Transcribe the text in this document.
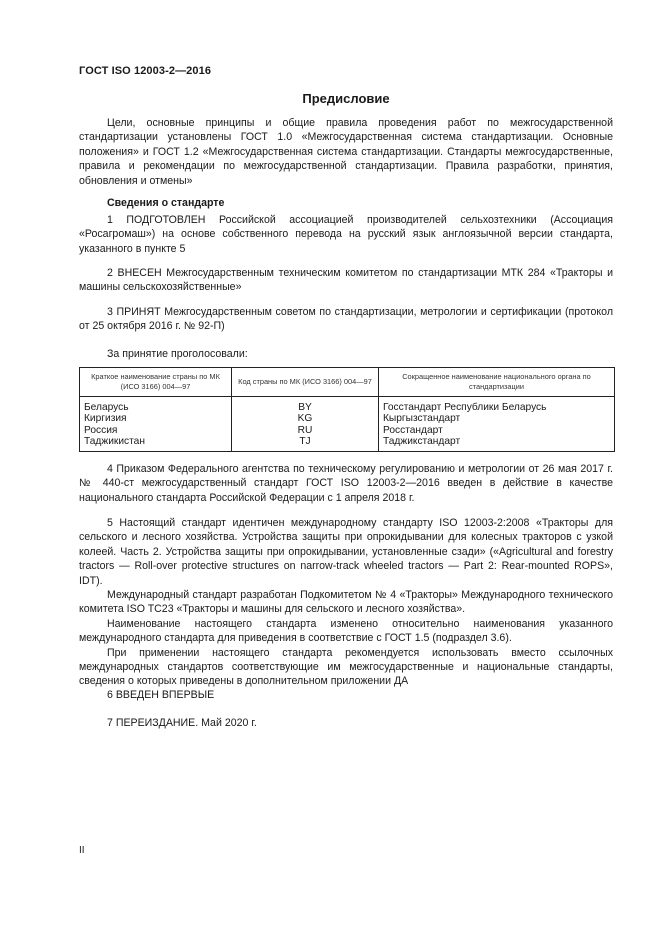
ГОСТ ISO 12003-2—2016
Предисловие

Цели, основные принципы и общие правила проведения работ по межгосударственной стандартизации установлены ГОСТ 1.0 «Межгосударственная система стандартизации. Основные положения» и ГОСТ 1.2 «Межгосударственная система стандартизации. Стандарты межгосударственные, правила и рекомендации по межгосударственной стандартизации. Правила разработки, принятия, обновления и отмены»

Сведения о стандарте

1 ПОДГОТОВЛЕН Российской ассоциацией производителей сельхозтехники (Ассоциация «Росагромаш») на основе собственного перевода на русский язык англоязычной версии стандарта, указанного в пункте 5

2 ВНЕСЕН Межгосударственным техническим комитетом по стандартизации МТК 284 «Тракторы и машины сельскохозяйственные»

3 ПРИНЯТ Межгосударственным советом по стандартизации, метрологии и сертификации (протокол от 25 октября 2016 г. № 92-П)

За принятие проголосовали:
Краткое наименование страны по МК (ИСО 3166) 004—97	Код страны по МК (ИСО 3166) 004—97	Сокращенное наименование национального органа по стандартизации
Беларусь	BY	Госстандарт Республики Беларусь
Киргизия	KG	Кыргызстандарт
Россия	RU	Росстандарт
Таджикистан	TJ	Таджикстандарт

4 Приказом Федерального агентства по техническому регулированию и метрологии от 26 мая 2017 г. № 440-ст межгосударственный стандарт ГОСТ ISO 12003-2—2016 введен в действие в качестве национального стандарта Российской Федерации с 1 апреля 2018 г.

5 Настоящий стандарт идентичен международному стандарту ISO 12003-2:2008 «Тракторы для сельского и лесного хозяйства. Устройства защиты при опрокидывании для колесных тракторов с узкой колеей. Часть 2. Устройства защиты при опрокидывании, установленные сзади» («Agricultural and forestry tractors — Roll-over protective structures on narrow-track wheeled tractors — Part 2: Rear-mounted ROPS», IDT).

Международный стандарт разработан Подкомитетом № 4 «Тракторы» Международного технического комитета ISO TC23 «Тракторы и машины для сельского и лесного хозяйства».

Наименование настоящего стандарта изменено относительно наименования указанного международного стандарта для приведения в соответствие с ГОСТ 1.5 (подраздел 3.6).

При применении настоящего стандарта рекомендуется использовать вместо ссылочных международных стандартов соответствующие им межгосударственные и национальные стандарты, сведения о которых приведены в дополнительном приложении ДА

6 ВВЕДЕН ВПЕРВЫЕ

7 ПЕРЕИЗДАНИЕ. Май 2020 г.

II
